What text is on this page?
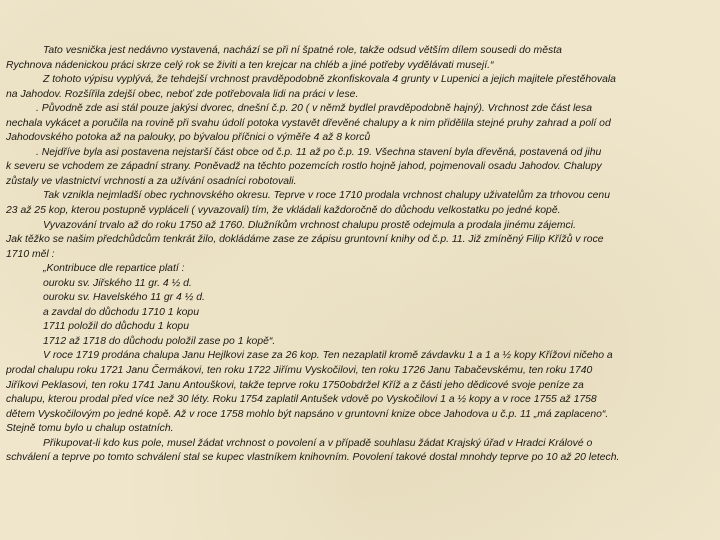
Tato vesnička jest nedávno vystavená, nachází se při ní špatné role, takže odsud větším dílem sousedi do města
Rychnova nádenickou práci skrze celý rok se živiti a ten krejcar na chléb a jiné potřeby vydělávati musejí.“
Z tohoto výpisu vyplývá, že tehdejší vrchnost pravděpodobně zkonfiskovala 4 grunty v Lupenici a jejich majitele přestěhovala
na Jahodov. Rozšířila zdejší obec, neboť zde potřebovala lidi na práci v lese.
. Původně zde asi stál pouze jakýsi dvorec, dnešní č.p. 20 ( v němž bydlel pravděpodobně hajný). Vrchnost zde část lesa
nechala vykácet a poručila na rovině při svahu údolí potoka vystavět dřevěné chalupy a k nim přidělila stejné pruhy zahrad a polí od
Jahodovského potoka až na palouky, po bývalou příčnici o výměře 4 až 8 korců
. Nejdříve byla asi postavena nejstarší část obce od č.p. 11 až po č.p. 19. Všechna stavení byla dřevěná, postavená od jihu
k severu se vchodem ze západní strany. Poněvadž na těchto pozemcích rostlo hojně jahod, pojmenovali osadu Jahodov. Chalupy
zůstaly ve vlastnictví vrchnosti a za užívání osadníci robotovali.
Tak vznikla nejmladší obec rychnovského okresu. Teprve v roce 1710 prodala vrchnost chalupy uživatelům za trhovou cenu
23 až 25 kop, kterou postupně vypláceli ( vyvazovali) tím, že vkládali každoročně do důchodu velkostatku po jedné kopě.
Vyvazování trvalo až do roku 1750 až 1760. Dlužníkům vrchnost chalupu prostě odejmula a prodala jinému zájemci.
Jak těžko se našim předchůdcům tenkrát žilo, dokládáme zase ze zápisu gruntovní knihy od č.p. 11. Již zmíněný Filip Křížů v roce
1710 měl :
„Kontribuce dle repartice platí :
ouroku sv. Jiřského 11 gr. 4 ½ d.
ouroku sv. Havelského 11 gr 4 ½ d.
a zavdal do důchodu 1710 1 kopu
1711 položil do důchodu 1 kopu
1712 až 1718 do důchodu položil zase po 1 kopě“.
V roce 1719 prodána chalupa Janu Hejlkovi zase za 26 kop. Ten nezaplatil kromě závdavku 1 a 1 a ½ kopy Křížovi ničeho a
prodal chalupu roku 1721 Janu Čermákovi, ten roku 1722 Jiřímu Vyskočilovi, ten roku 1726 Janu Tabačevskému, ten roku 1740
Jiříkovi Peklasovi, ten roku 1741 Janu Antouškovi, takže teprve roku 1750obdržel Kříž a z části jeho dědicové svoje peníze za
chalupu, kterou prodal před více než 30 léty. Roku 1754 zaplatil Antušek vdově po Vyskočilovi 1 a ½ kopy a v roce 1755 až 1758
dětem Vyskočilovým po jedné kopě. Až v roce 1758 mohlo být napsáno v gruntovní knize obce Jahodova u č.p. 11 „má zaplaceno“.
Stejně tomu bylo u chalup ostatních.
Přikupovat-li kdo kus pole, musel žádat vrchnost o povolení a v případě souhlasu žádat Krajský úřad v Hradci Králové o
schválení a teprve po tomto schválení stal se kupec vlastníkem knihovním. Povolení takové dostal mnohdy teprve po 10 až 20 letech.
